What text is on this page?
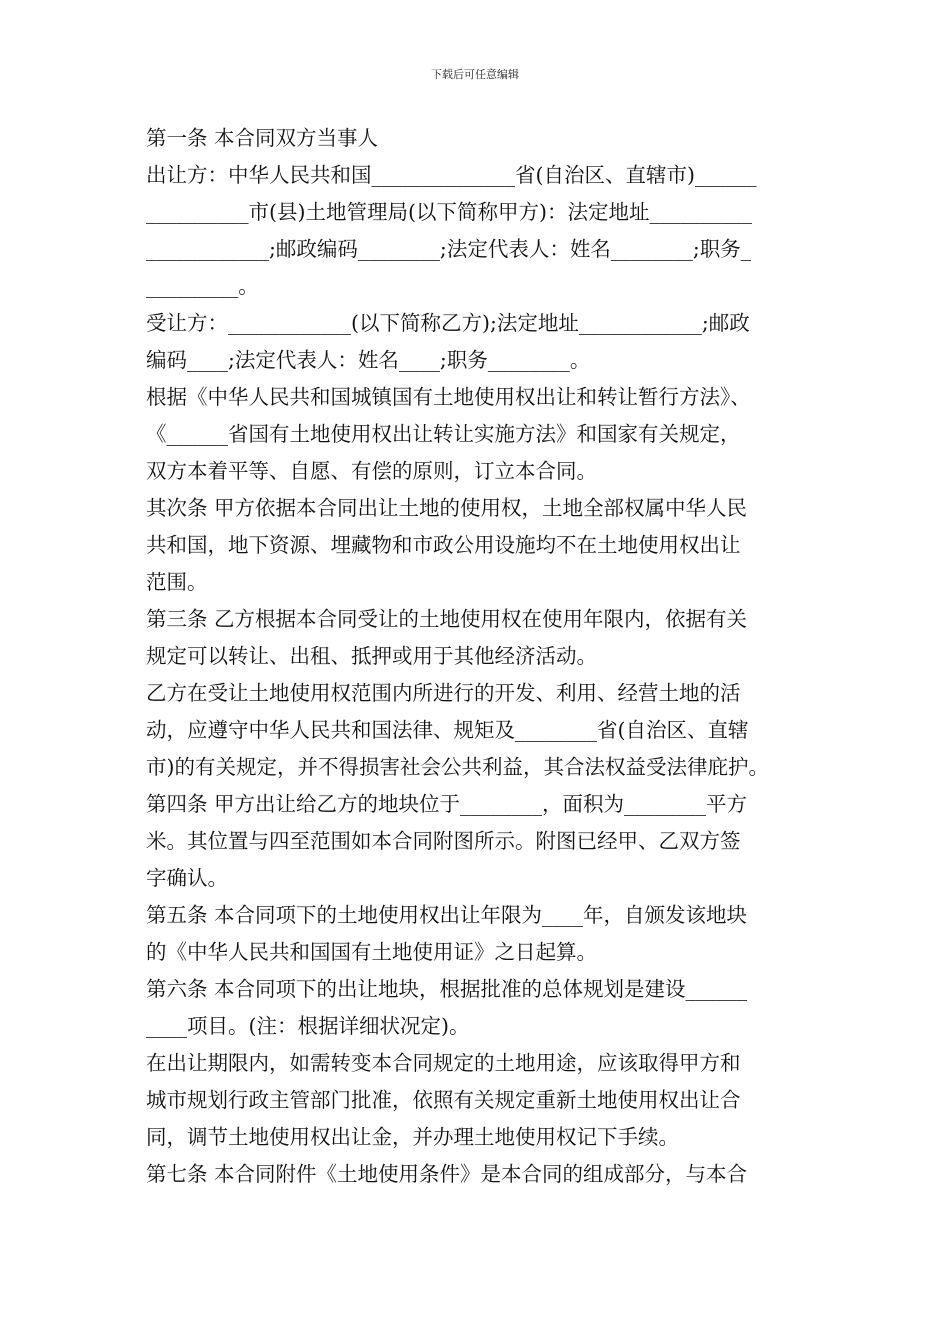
下载后可任意编辑
第一条 本合同双方当事人
出让方：中华人民共和国______________省(自治区、直辖市)______
__________市(县)土地管理局(以下简称甲方)：法定地址__________
____________;邮政编码________;法定代表人：姓名________;职务_
_________。
受让方：____________(以下简称乙方);法定地址____________;邮政
编码____;法定代表人：姓名____;职务________。
根据《中华人民共和国城镇国有土地使用权出让和转让暂行方法》、
《______省国有土地使用权出让转让实施方法》和国家有关规定，
双方本着平等、自愿、有偿的原则，订立本合同。
其次条 甲方依据本合同出让土地的使用权，土地全部权属中华人民
共和国，地下资源、埋藏物和市政公用设施均不在土地使用权出让
范围。
第三条 乙方根据本合同受让的土地使用权在使用年限内，依据有关
规定可以转让、出租、抵押或用于其他经济活动。
乙方在受让土地使用权范围内所进行的开发、利用、经营土地的活
动，应遵守中华人民共和国法律、规矩及________省(自治区、直辖
市)的有关规定，并不得损害社会公共利益，其合法权益受法律庇护。
第四条 甲方出让给乙方的地块位于________，面积为________平方
米。其位置与四至范围如本合同附图所示。附图已经甲、乙双方签
字确认。
第五条 本合同项下的土地使用权出让年限为____年，自颁发该地块
的《中华人民共和国国有土地使用证》之日起算。
第六条 本合同项下的出让地块，根据批准的总体规划是建设______
____项目。(注：根据详细状况定)。
在出让期限内，如需转变本合同规定的土地用途，应该取得甲方和
城市规划行政主管部门批准，依照有关规定重新土地使用权出让合
同，调节土地使用权出让金，并办理土地使用权记下手续。
第七条 本合同附件《土地使用条件》是本合同的组成部分，与本合
